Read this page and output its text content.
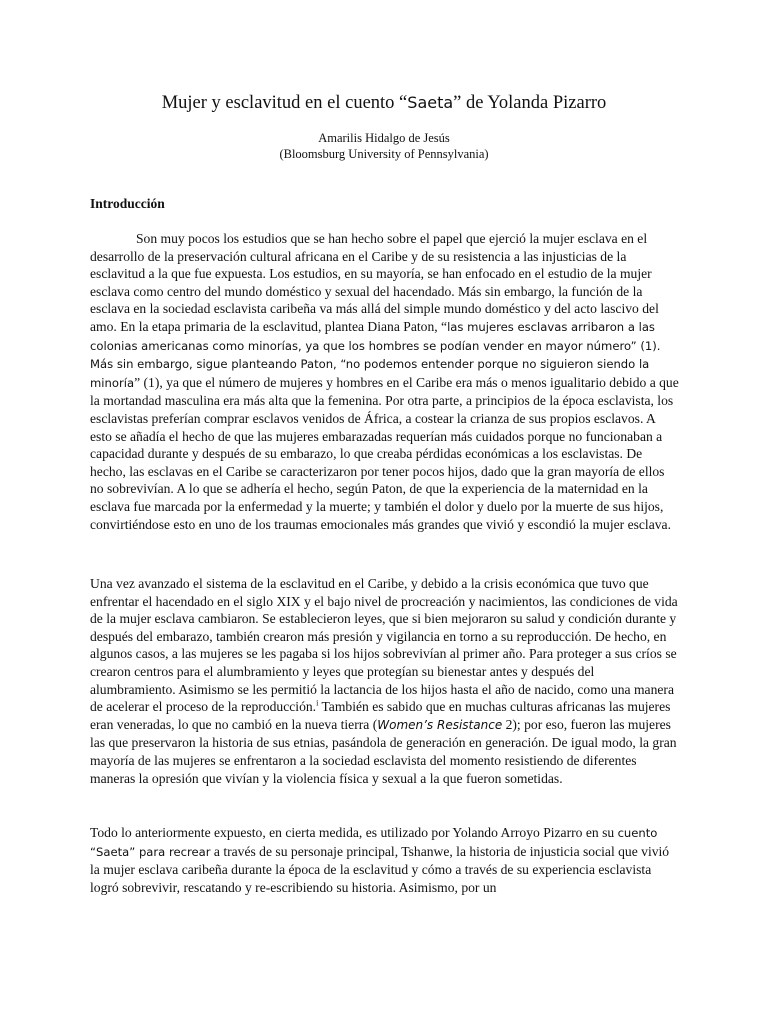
Mujer y esclavitud en el cuento “Saeta” de Yolanda Pizarro
Amarilis Hidalgo de Jesús
(Bloomsburg University of Pennsylvania)
Introducción
Son muy pocos los estudios que se han hecho sobre el papel que ejerció la mujer esclava en el desarrollo de la preservación cultural africana en el Caribe y de su resistencia a las injusticias de la esclavitud a la que fue expuesta. Los estudios, en su mayoría, se han enfocado en el estudio de la mujer esclava como centro del mundo doméstico y sexual del hacendado. Más sin embargo, la función de la esclava en la sociedad esclavista caribeña va más allá del simple mundo doméstico y del acto lascivo del amo. En la etapa primaria de la esclavitud, plantea Diana Paton, “las mujeres esclavas arribaron a las colonias americanas como minorías, ya que los hombres se podían vender en mayor número” (1). Más sin embargo, sigue planteando Paton, “no podemos entender porque no siguieron siendo la minoría” (1), ya que el número de mujeres y hombres en el Caribe era más o menos igualitario debido a que la mortandad masculina era más alta que la femenina. Por otra parte, a principios de la época esclavista, los esclavistas preferían comprar esclavos venidos de África, a costear la crianza de sus propios esclavos. A esto se añadía el hecho de que las mujeres embarazadas requerían más cuidados porque no funcionaban a capacidad durante y después de su embarazo, lo que creaba pérdidas económicas a los esclavistas. De hecho, las esclavas en el Caribe se caracterizaron por tener pocos hijos, dado que la gran mayoría de ellos no sobrevivían. A lo que se adhería el hecho, según Paton, de que la experiencia de la maternidad en la esclava fue marcada por la enfermedad y la muerte; y también el dolor y duelo por la muerte de sus hijos, convirtiéndose esto en uno de los traumas emocionales más grandes que vivió y escondió la mujer esclava.
Una vez avanzado el sistema de la esclavitud en el Caribe, y debido a la crisis económica que tuvo que enfrentar el hacendado en el siglo XIX y el bajo nivel de procreación y nacimientos, las condiciones de vida de la mujer esclava cambiaron. Se establecieron leyes, que si bien mejoraron su salud y condición durante y después del embarazo, también crearon más presión y vigilancia en torno a su reproducción. De hecho, en algunos casos, a las mujeres se les pagaba si los hijos sobrevivían al primer año. Para proteger a sus críos se crearon centros para el alumbramiento y leyes que protegían su bienestar antes y después del alumbramiento. Asimismo se les permitió la lactancia de los hijos hasta el año de nacido, como una manera de acelerar el proceso de la reproducción.$^i$ También es sabido que en muchas culturas africanas las mujeres eran veneradas, lo que no cambió en la nueva tierra (Women’s Resistance 2); por eso, fueron las mujeres las que preservaron la historia de sus etnias, pasándola de generación en generación. De igual modo, la gran mayoría de las mujeres se enfrentaron a la sociedad esclavista del momento resistiendo de diferentes maneras la opresión que vivían y la violencia física y sexual a la que fueron sometidas.
Todo lo anteriormente expuesto, en cierta medida, es utilizado por Yolando Arroyo Pizarro en su cuento “Saeta” para recrear a través de su personaje principal, Tshanwe, la historia de injusticia social que vivió la mujer esclava caribeña durante la época de la esclavitud y cómo a través de su experiencia esclavista logró sobrevivir, rescatando y re-escribiendo su historia. Asimismo, por un
